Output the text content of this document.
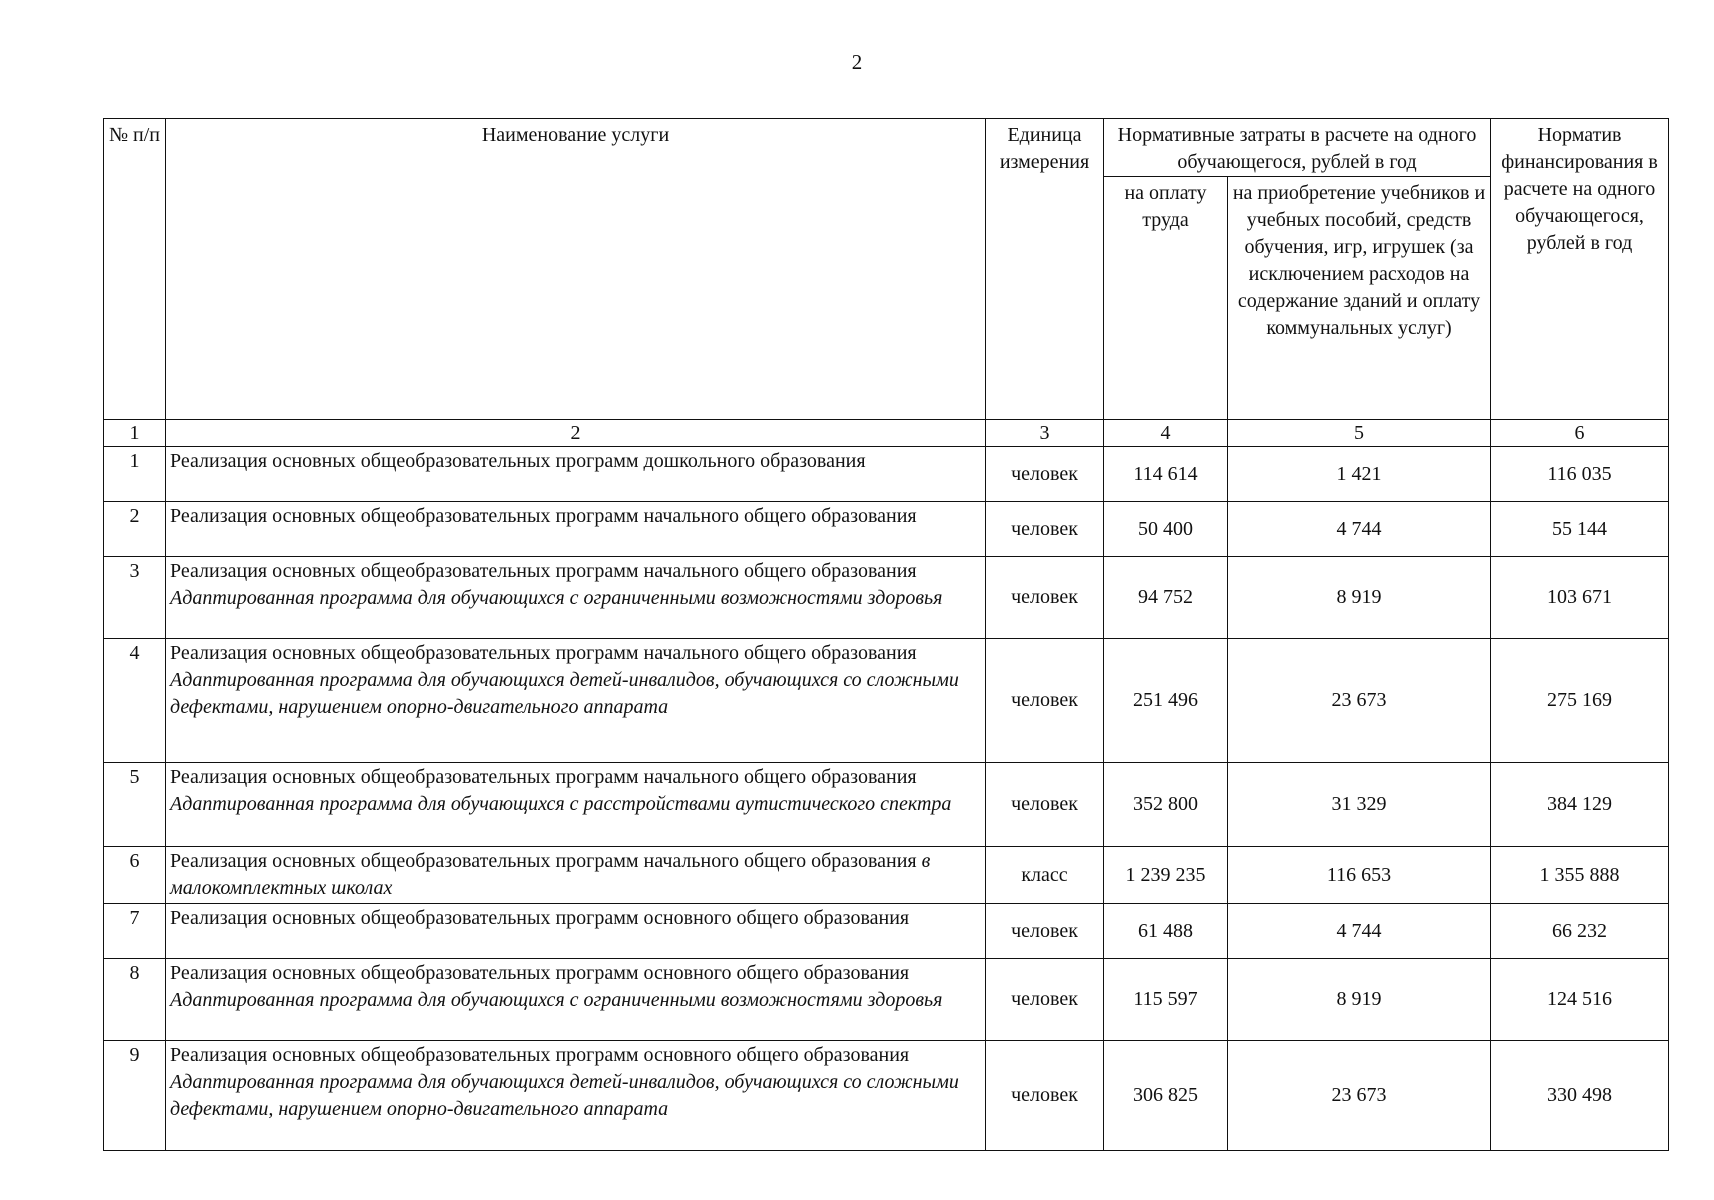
2
№ п/п	Наименование услуги	Единица измерения	Нормативные затраты в расчете на одного обучающегося, рублей в год		Норматив финансирования в расчете на одного обучающегося, рублей в год
			на оплату труда	на приобретение учебников и учебных пособий, средств обучения, игр, игрушек (за исключением расходов на содержание зданий и оплату коммунальных услуг)	
1	2	3	4	5	6
1	Реализация основных общеобразовательных программ дошкольного образования	человек	114 614	1 421	116 035
2	Реализация основных общеобразовательных программ начального общего образования	человек	50 400	4 744	55 144
3	Реализация основных общеобразовательных программ начального общего образования Адаптированная программа для обучающихся с ограниченными возможностями здоровья	человек	94 752	8 919	103 671
4	Реализация основных общеобразовательных программ начального общего образования Адаптированная программа для обучающихся детей-инвалидов, обучающихся со сложными дефектами, нарушением опорно-двигательного аппарата	человек	251 496	23 673	275 169
5	Реализация основных общеобразовательных программ начального общего образования Адаптированная программа для обучающихся с расстройствами аутистического спектра	человек	352 800	31 329	384 129
6	Реализация основных общеобразовательных программ начального общего образования в малокомплектных школах	класс	1 239 235	116 653	1 355 888
7	Реализация основных общеобразовательных программ основного общего образования	человек	61 488	4 744	66 232
8	Реализация основных общеобразовательных программ основного общего образования Адаптированная программа для обучающихся с ограниченными возможностями здоровья	человек	115 597	8 919	124 516
9	Реализация основных общеобразовательных программ основного общего образования Адаптированная программа для обучающихся детей-инвалидов, обучающихся со сложными дефектами, нарушением опорно-двигательного аппарата	человек	306 825	23 673	330 498
